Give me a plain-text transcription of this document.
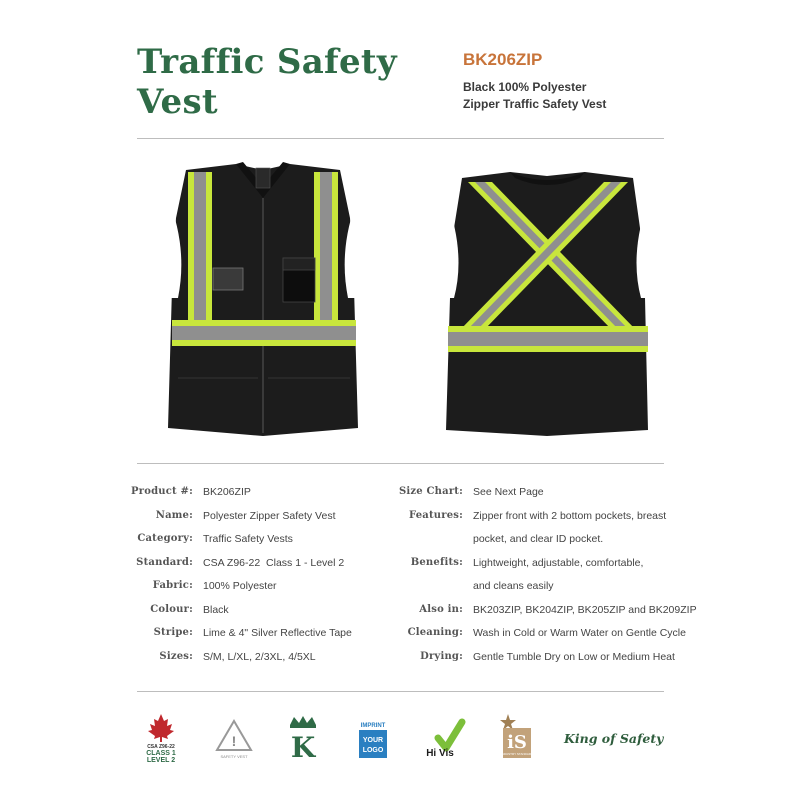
Traffic Safety
Vest
BK206ZIP
Black 100% Polyester
Zipper Traffic Safety Vest
Product #: BK206ZIP
Name: Polyester Zipper Safety Vest
Category: Traffic Safety Vests
Standard: CSA Z96-22  Class 1 - Level 2
Fabric: 100% Polyester
Colour: Black
Stripe: Lime & 4" Silver Reflective Tape
Sizes: S/M, L/XL, 2/3XL, 4/5XL
Size Chart: See Next Page
Features: Zipper front with 2 bottom pockets, breast
pocket, and clear ID pocket.
Benefits: Lightweight, adjustable, comfortable,
and cleans easily
Also in: BK203ZIP, BK204ZIP, BK205ZIP and BK209ZIP
Cleaning: Wash in Cold or Warm Water on Gentle Cycle
Drying: Gentle Tumble Dry on Low or Medium Heat
CSA Z96-22
CLASS 1
LEVEL 2
!
SAFETY VEST K
IMPRINT
YOUR
LOGO	Hi Vis
iS
INDUSTRY STANDARD
King of Safety
